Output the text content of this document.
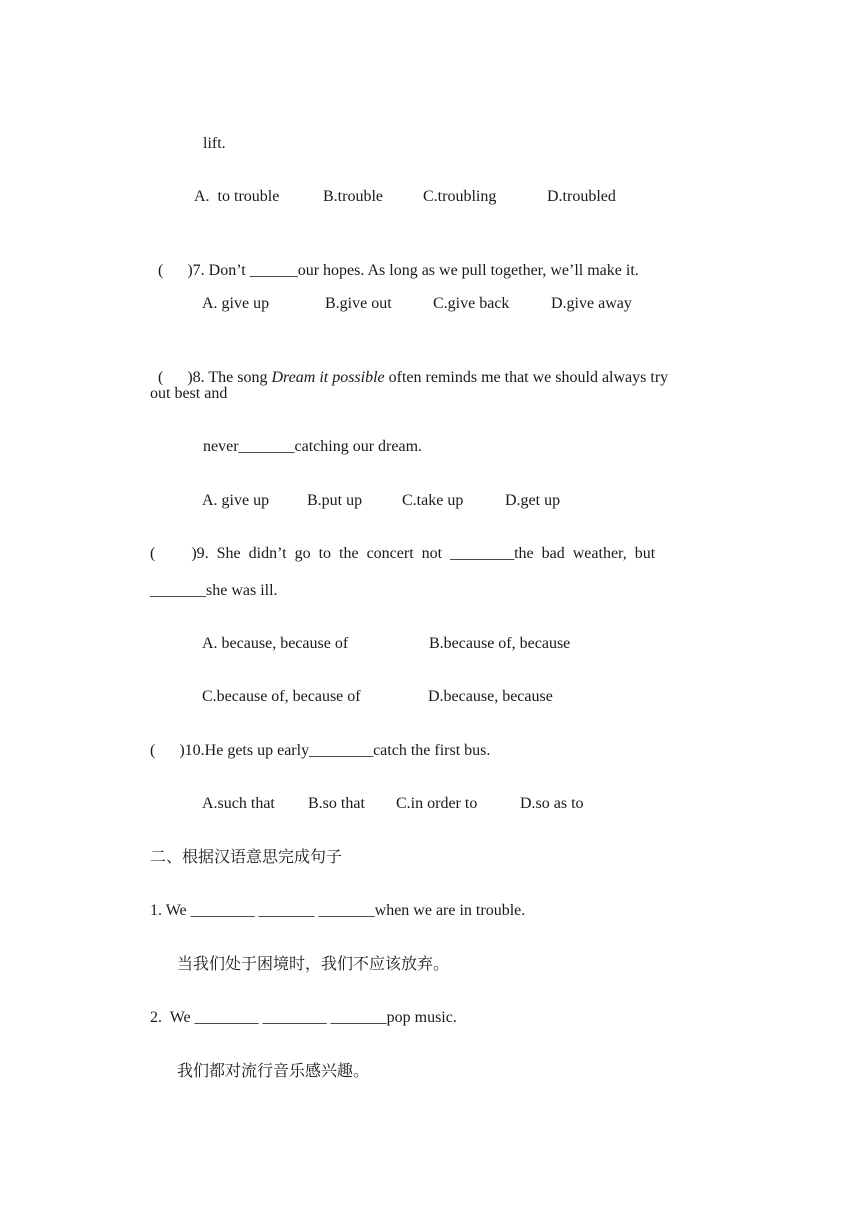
lift.
A.  to trouble	B.trouble	C.troubling	D.troubled

(      )7. Don’t ______our hopes. As long as we pull together, we’ll make it.

A. give up	B.give out	C.give back	D.give away

(      )8. The song Dream it possible often reminds me that we should always try

out best and
never_______catching our dream.
A. give up B.put up C.take up	D.get up
(         )9.  She  didn’t  go  to  the  concert  not  ________the  bad  weather,  but
_______she was ill.
A. because, because of	B.because of, because
C.because of, because of	D.because, because
(      )10.He gets up early________catch the first bus.
A.such that B.so that C.in order to	D.so as to
二、根据汉语意思完成句子
1. We ________ _______ _______when we are in trouble.
当我们处于困境时，我们不应该放弃。
2.  We ________ ________ _______pop music.
我们都对流行音乐感兴趣。
